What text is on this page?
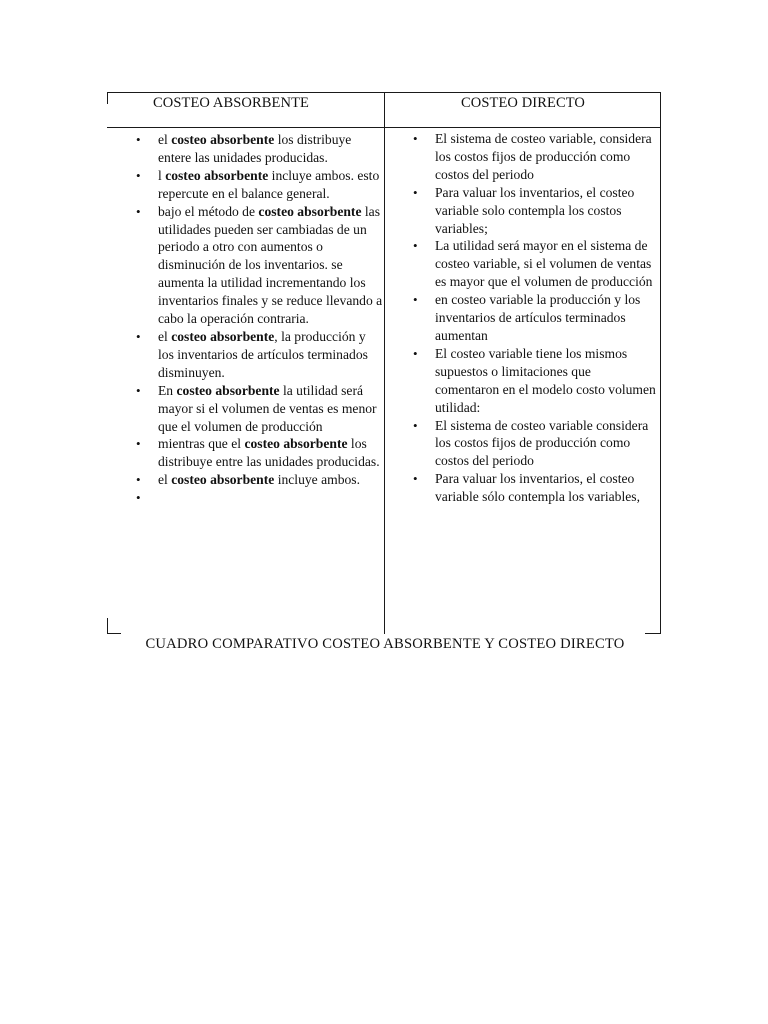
COSTEO ABSORBENTE	COSTEO DIRECTO
• el costeo absorbente los distribuye entere las unidades producidas.
• l costeo absorbente incluye ambos. esto repercute en el balance general.
• bajo el método de costeo absorbente las utilidades pueden ser cambiadas de un periodo a otro con aumentos o disminución de los inventarios. se aumenta la utilidad incrementando los inventarios finales y se reduce llevando a cabo la operación contraria.
• el costeo absorbente, la producción y los inventarios de artículos terminados disminuyen.
• En costeo absorbente la utilidad será mayor si el volumen de ventas es menor que el volumen de producción
• mientras que el costeo absorbente los distribuye entre las unidades producidas.
• el costeo absorbente incluye ambos.
•
• El sistema de costeo variable, considera los costos fijos de producción como costos del periodo
• Para valuar los inventarios, el costeo variable solo contempla los costos variables;
• La utilidad será mayor en el sistema de costeo variable, si el volumen de ventas es mayor que el volumen de producción
• en costeo variable la producción y los inventarios de artículos terminados aumentan
• El costeo variable tiene los mismos supuestos o limitaciones que comentaron en el modelo costo volumen utilidad:
• El sistema de costeo variable considera los costos fijos de producción como costos del periodo
• Para valuar los inventarios, el costeo variable sólo contempla los variables,
CUADRO COMPARATIVO COSTEO ABSORBENTE Y COSTEO DIRECTO
